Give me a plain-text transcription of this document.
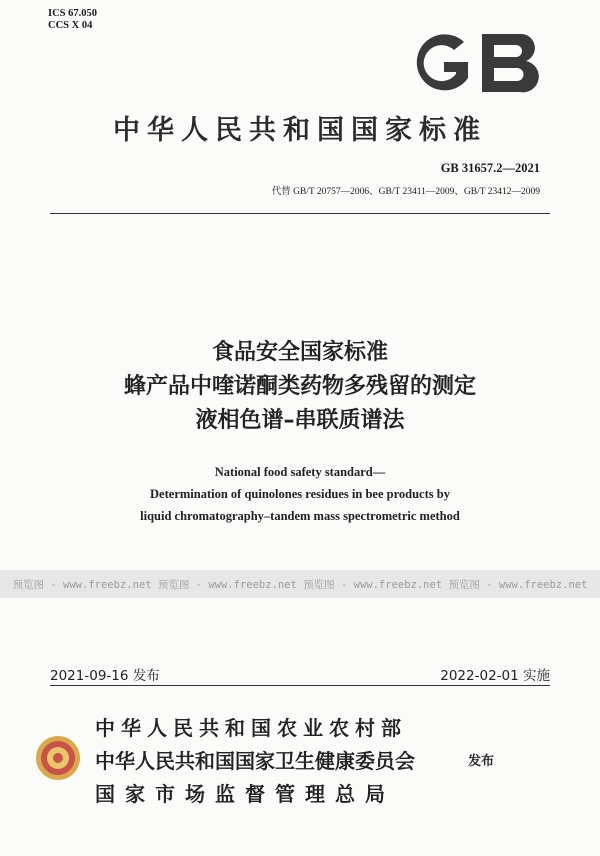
ICS 67.050
CCS X 04
中华人民共和国国家标准
GB 31657.2—2021
代替 GB/T 20757—2006、GB/T 23411—2009、GB/T 23412—2009
食品安全国家标准
蜂产品中喹诺酮类药物多残留的测定
液相色谱–串联质谱法
National food safety standard—
Determination of quinolones residues in bee products by
liquid chromatography–tandem mass spectrometric method
预览图 - www.freebz.net 预览图 - www.freebz.net 预览图 - www.freebz.net 预览图 - www.freebz.net
2021-09-16 发布	2022-02-01 实施
中华人民共和国农业农村部
中华人民共和国国家卫生健康委员会	发布
国家市场监督管理总局
